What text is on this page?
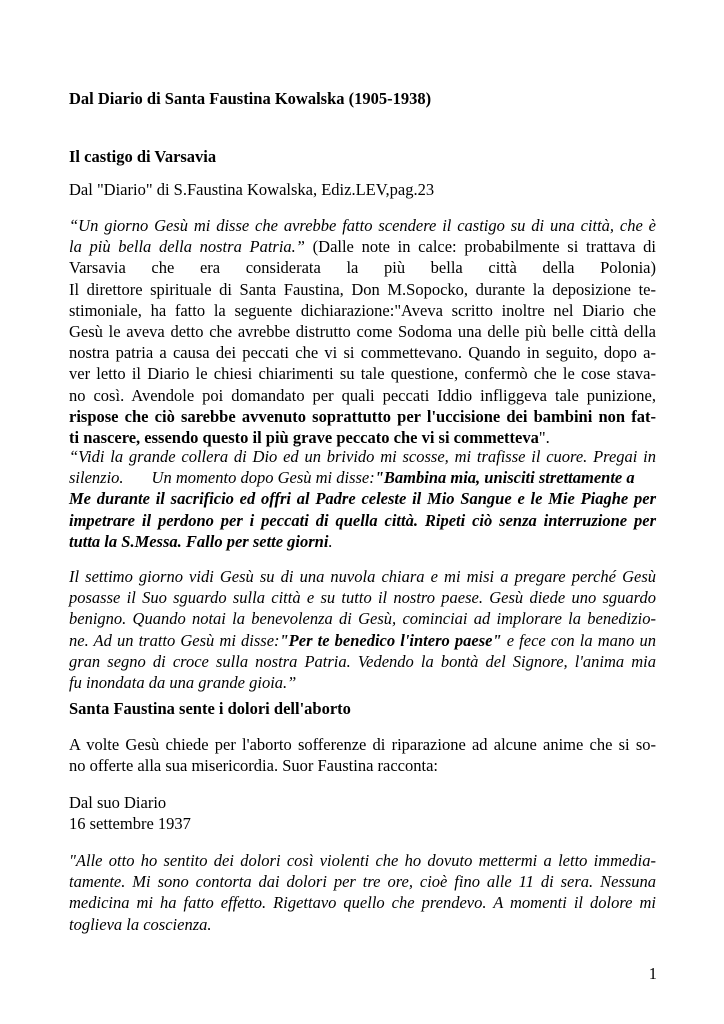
Dal Diario di Santa Faustina Kowalska (1905-1938)

Il castigo di Varsavia

Dal "Diario" di S.Faustina Kowalska, Ediz.LEV,pag.23

“Un giorno Gesù mi disse che avrebbe fatto scendere il castigo su di una città, che è
la più bella della nostra Patria.” (Dalle note in calce: probabilmente si trattava di
Varsavia che era considerata la più bella città della Polonia)
Il direttore spirituale di Santa Faustina, Don M.Sopocko, durante la deposizione te-
stimoniale, ha fatto la seguente dichiarazione:"Aveva scritto inoltre nel Diario che
Gesù le aveva detto che avrebbe distrutto come Sodoma una delle più belle città della
nostra patria a causa dei peccati che vi si commettevano. Quando in seguito, dopo a-
ver letto il Diario le chiesi chiarimenti su tale questione, confermò che le cose stava-
no così. Avendole poi domandato per quali peccati Iddio infliggeva tale punizione,
rispose che ciò sarebbe avvenuto soprattutto per l'uccisione dei bambini non fat-
ti nascere, essendo questo il più grave peccato che vi si commetteva".
“Vidi la grande collera di Dio ed un brivido mi scosse, mi trafisse il cuore. Pregai in
silenzio. Un momento dopo Gesù mi disse:"Bambina mia, unisciti strettamente a
Me durante il sacrificio ed offri al Padre celeste il Mio Sangue e le Mie Piaghe per
impetrare il perdono per i peccati di quella città. Ripeti ciò senza interruzione per
tutta la S.Messa. Fallo per sette giorni.
Il settimo giorno vidi Gesù su di una nuvola chiara e mi misi a pregare perché Gesù
posasse il Suo sguardo sulla città e su tutto il nostro paese. Gesù diede uno sguardo
benigno. Quando notai la benevolenza di Gesù, cominciai ad implorare la benedizio-
ne. Ad un tratto Gesù mi disse:"Per te benedico l'intero paese" e fece con la mano un
gran segno di croce sulla nostra Patria. Vedendo la bontà del Signore, l'anima mia
fu inondata da una grande gioia.”

Santa Faustina sente i dolori dell'aborto

A volte Gesù chiede per l'aborto sofferenze di riparazione ad alcune anime che si so-
no offerte alla sua misericordia. Suor Faustina racconta:
Dal suo Diario
16 settembre 1937
"Alle otto ho sentito dei dolori così violenti che ho dovuto mettermi a letto immedia-
tamente. Mi sono contorta dai dolori per tre ore, cioè fino alle 11 di sera. Nessuna
medicina mi ha fatto effetto. Rigettavo quello che prendevo. A momenti il dolore mi
toglieva la coscienza.
1
